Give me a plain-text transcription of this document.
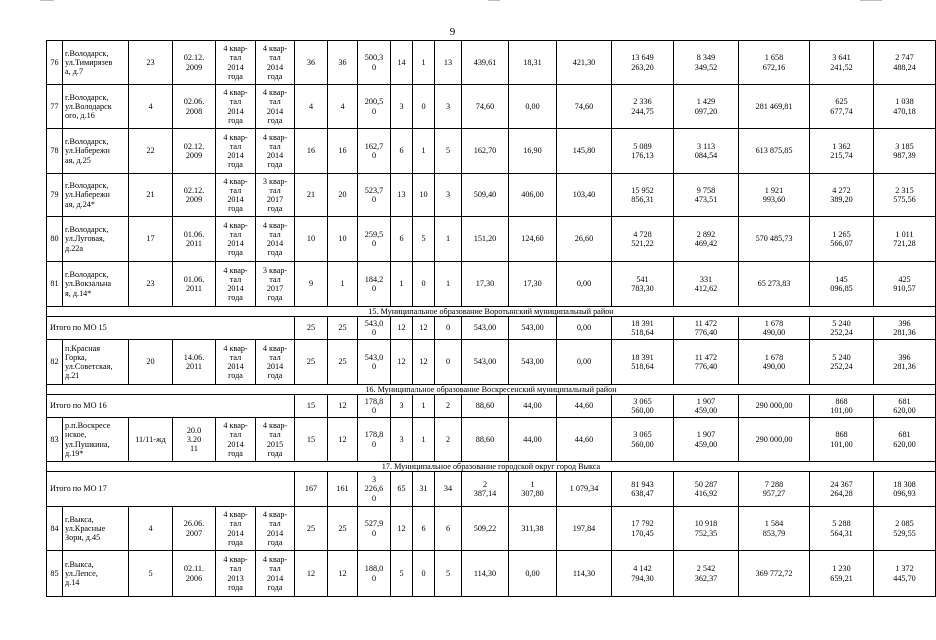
9
76	г.Володарск,
ул.Тимирязев
а, д.7	23	02.12.
2009	4 квар-
тал
2014
года	4 квар-
тал
2014
года	36	36	500,3
0	14	1	13	439,61	18,31	421,30	13 649
263,20	8 349
349,52	1 658
672,16	3 641
241,52	2 747
488,24
77	г.Володарск,
ул.Володарск
ого, д.16	4	02.06.
2008	4 квар-
тал
2014
года	4 квар-
тал
2014
года	4	4	200,5
0	3	0	3	74,60	0,00	74,60	2 336
244,75	1 429
097,20	281 469,81	625
677,74	1 038
470,18
78	г.Володарск,
ул.Набережн
ая, д.25	22	02.12.
2009	4 квар-
тал
2014
года	4 квар-
тал
2014
года	16	16	162,7
0	6	1	5	162,70	16,90	145,80	5 089
176,13	3 113
084,54	613 875,85	1 362
215,74	3 185
987,39
79	г.Володарск,
ул.Набережн
ая, д.24*	21	02.12.
2009	4 квар-
тал
2014
года	3 квар-
тал
2017
года	21	20	523,7
0	13	10	3	509,40	406,00	103,40	15 952
856,31	9 758
473,51	1 921
993,60	4 272
389,20	2 315
575,56
80	г.Володарск,
ул.Луговая,
д.22а	17	01.06.
2011	4 квар-
тал
2014
года	4 квар-
тал
2014
года	10	10	259,5
0	6	5	1	151,20	124,60	26,60	4 728
521,22	2 892
469,42	570 485,73	1 265
566,07	1 011
721,28
81	г.Володарск,
ул.Вокзальна
я, д.14*	23	01.06.
2011	4 квар-
тал
2014
года	3 квар-
тал
2017
года	9	1	184,2
0	1	0	1	17,30	17,30	0,00	541
783,30	331
412,62	65 273,83	145
096,85	425
910,57
15. Муниципальное образование Воротынский муниципальный район																			
Итого по МО 15						25	25	543,0
0	12	12	0	543,00	543,00	0,00	18 391
518,64	11 472
776,40	1 678
490,00	5 240
252,24	396
281,36
82	п.Красная
Горка,
ул.Советская,
д.21	20	14.06.
2011	4 квар-
тал
2014
года	4 квар-
тал
2014
года	25	25	543,0
0	12	12	0	543,00	543,00	0,00	18 391
518,64	11 472
776,40	1 678
490,00	5 240
252,24	396
281,36
16. Муниципальное образование Воскресенский муниципальный район																			
Итого по МО 16						15	12	178,8
0	3	1	2	88,60	44,00	44,60	3 065
560,00	1 907
459,00	290 000,00	868
101,00	681
620,00
83	р.п.Воскресе
нское,
ул.Пушкина,
д.19*	11/11-жд	20.0
3.20
11	4 квар-
тал
2014
года	4 квар-
тал
2015
года	15	12	178,8
0	3	1	2	88,60	44,00	44,60	3 065
560,00	1 907
459,00	290 000,00	868
101,00	681
620,00
17. Муниципальное образование городской округ город Выкса																			
Итого по МО 17						167	161	3
226,6
0	65	31	34	2
387,14	1
307,80	1 079,34	81 943
638,47	50 287
416,92	7 288
957,27	24 367
264,28	18 308
096,93
84	г.Выкса,
ул.Красные
Зори, д.45	4	26.06.
2007	4 квар-
тал
2014
года	4 квар-
тал
2014
года	25	25	527,9
0	12	6	6	509,22	311,38	197,84	17 792
170,45	10 918
752,35	1 584
853,79	5 288
564,31	2 085
529,55
85	г.Выкса,
ул.Лепсе,
д.14	5	02.11.
2006	4 квар-
тал
2013
года	4 квар-
тал
2014
года	12	12	188,0
0	5	0	5	114,30	0,00	114,30	4 142
794,30	2 542
362,37	369 772,72	1 230
659,21	1 372
445,70
